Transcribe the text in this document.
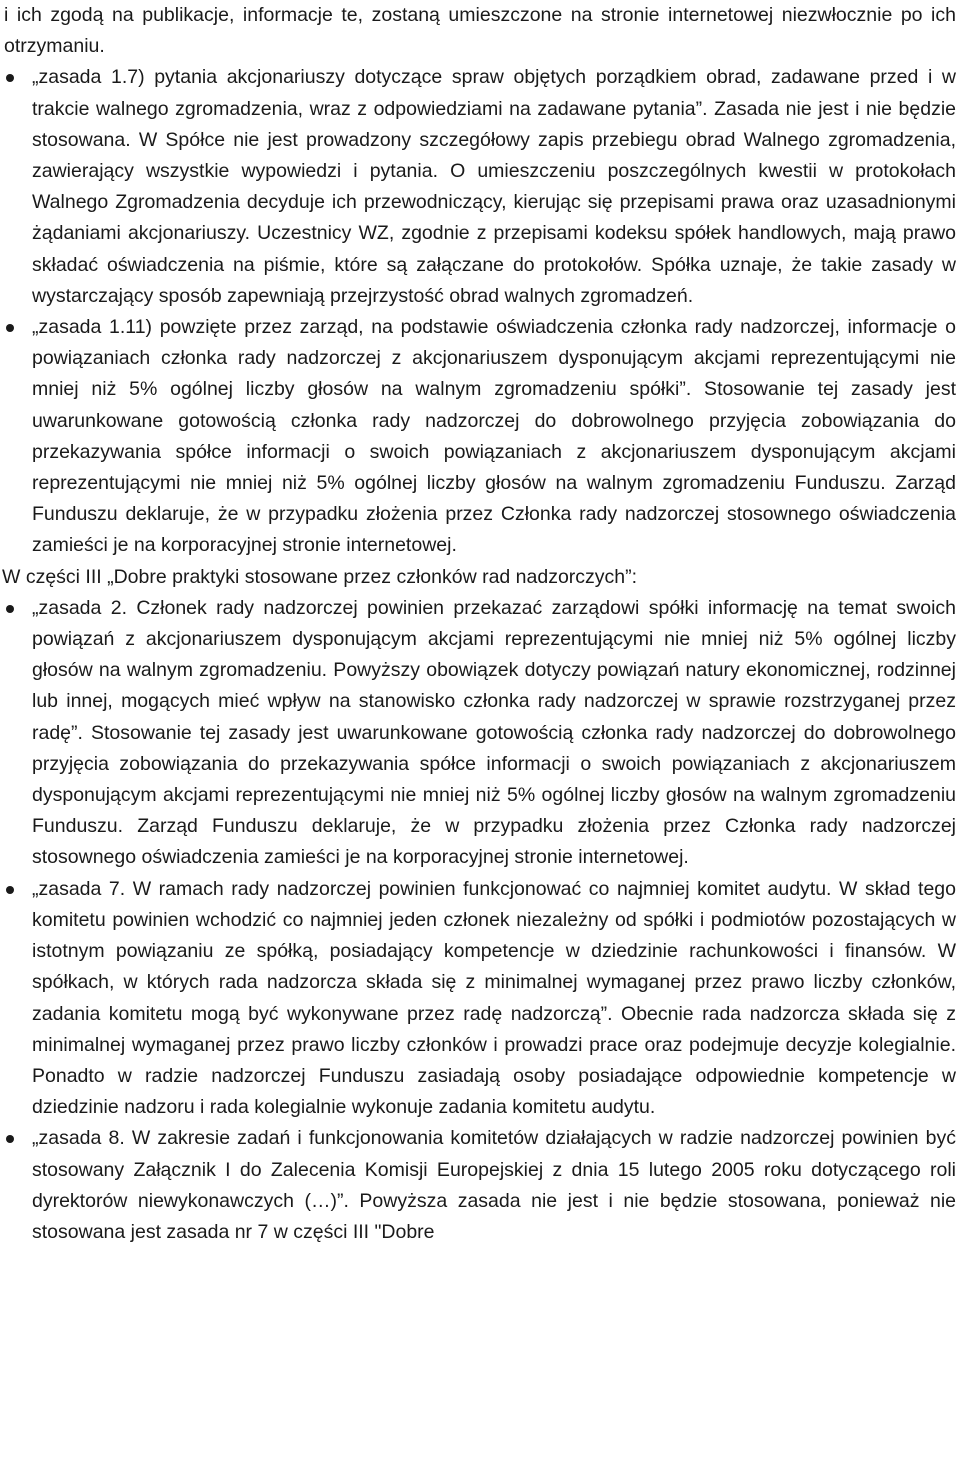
i ich zgodą na publikacje, informacje te, zostaną umieszczone na stronie internetowej niezwłocznie po ich otrzymaniu.

„zasada 1.7) pytania akcjonariuszy dotyczące spraw objętych porządkiem obrad, zadawane przed i w trakcie walnego zgromadzenia, wraz z odpowiedziami na zadawane pytania”. Zasada nie jest i nie będzie stosowana. W Spółce nie jest prowadzony szczegółowy zapis przebiegu obrad Walnego zgromadzenia, zawierający wszystkie wypowiedzi i pytania. O umieszczeniu poszczególnych kwestii w protokołach Walnego Zgromadzenia decyduje ich przewodniczący, kierując się przepisami prawa oraz uzasadnionymi żądaniami akcjonariuszy. Uczestnicy WZ, zgodnie z przepisami kodeksu spółek handlowych, mają prawo składać oświadczenia na piśmie, które są załączane do protokołów. Spółka uznaje, że takie zasady w wystarczający sposób zapewniają przejrzystość obrad walnych zgromadzeń.
„zasada 1.11) powzięte przez zarząd, na podstawie oświadczenia członka rady nadzorczej, informacje o powiązaniach członka rady nadzorczej z akcjonariuszem dysponującym akcjami reprezentującymi nie mniej niż 5% ogólnej liczby głosów na walnym zgromadzeniu spółki”. Stosowanie tej zasady jest uwarunkowane gotowością członka rady nadzorczej do dobrowolnego przyjęcia zobowiązania do przekazywania spółce informacji o swoich powiązaniach z akcjonariuszem dysponującym akcjami reprezentującymi nie mniej niż 5% ogólnej liczby głosów na walnym zgromadzeniu Funduszu. Zarząd Funduszu deklaruje, że w przypadku złożenia przez Członka rady nadzorczej stosownego oświadczenia zamieści je na korporacyjnej stronie internetowej.

W części III „Dobre praktyki stosowane przez członków rad nadzorczych”:

„zasada 2. Członek rady nadzorczej powinien przekazać zarządowi spółki informację na temat swoich powiązań z akcjonariuszem dysponującym akcjami reprezentującymi nie mniej niż 5% ogólnej liczby głosów na walnym zgromadzeniu. Powyższy obowiązek dotyczy powiązań natury ekonomicznej, rodzinnej lub innej, mogących mieć wpływ na stanowisko członka rady nadzorczej w sprawie rozstrzyganej przez radę”. Stosowanie tej zasady jest uwarunkowane gotowością członka rady nadzorczej do dobrowolnego przyjęcia zobowiązania do przekazywania spółce informacji o swoich powiązaniach z akcjonariuszem dysponującym akcjami reprezentującymi nie mniej niż 5% ogólnej liczby głosów na walnym zgromadzeniu Funduszu. Zarząd Funduszu deklaruje, że w przypadku złożenia przez Członka rady nadzorczej stosownego oświadczenia zamieści je na korporacyjnej stronie internetowej.
„zasada 7. W ramach rady nadzorczej powinien funkcjonować co najmniej komitet audytu. W skład tego komitetu powinien wchodzić co najmniej jeden członek niezależny od spółki i podmiotów pozostających w istotnym powiązaniu ze spółką, posiadający kompetencje w dziedzinie rachunkowości i finansów. W spółkach, w których rada nadzorcza składa się z minimalnej wymaganej przez prawo liczby członków, zadania komitetu mogą być wykonywane przez radę nadzorczą”. Obecnie rada nadzorcza składa się z minimalnej wymaganej przez prawo liczby członków i prowadzi prace oraz podejmuje decyzje kolegialnie. Ponadto w radzie nadzorczej Funduszu zasiadają osoby posiadające odpowiednie kompetencje w dziedzinie nadzoru i rada kolegialnie wykonuje zadania komitetu audytu.
„zasada 8. W zakresie zadań i funkcjonowania komitetów działających w radzie nadzorczej powinien być stosowany Załącznik I do Zalecenia Komisji Europejskiej z dnia 15 lutego 2005 roku dotyczącego roli dyrektorów niewykonawczych (…)”. Powyższa zasada nie jest i nie będzie stosowana, ponieważ nie stosowana jest zasada nr 7 w części III "Dobre
